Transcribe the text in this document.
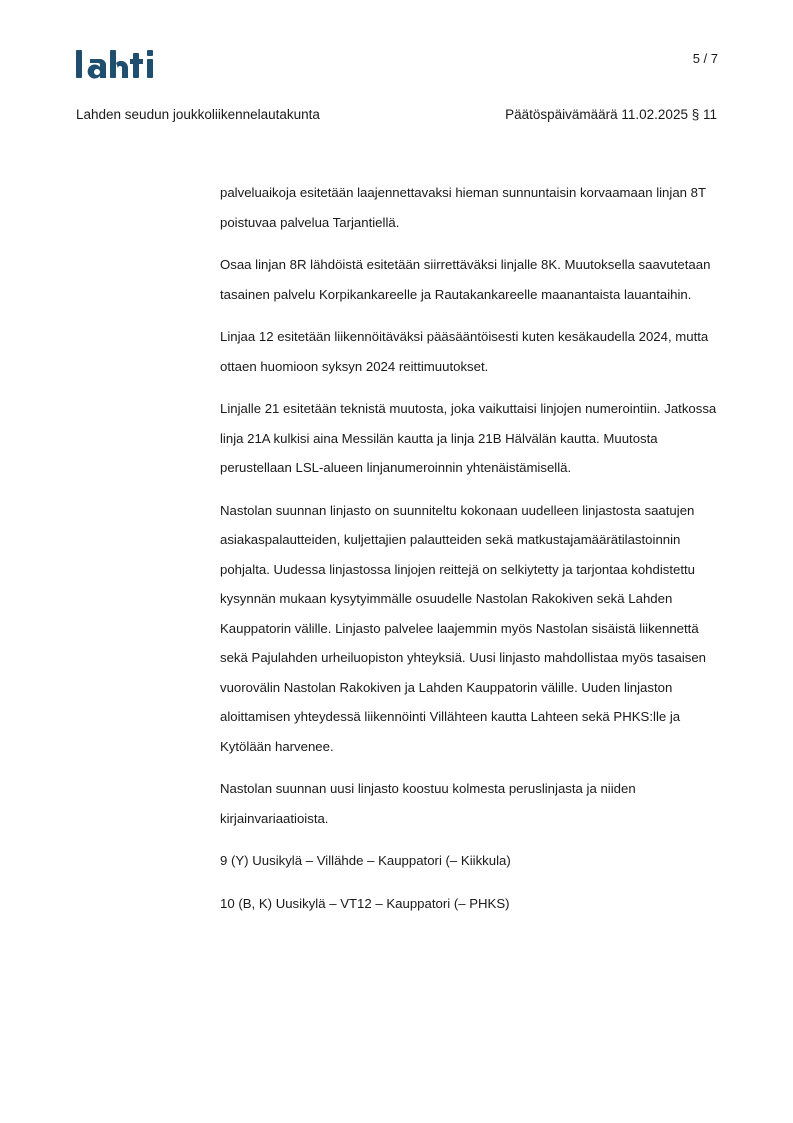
5 / 7
Lahden seudun joukkoliikennelautakunta	Päätöspäivämäärä 11.02.2025 § 11

palveluaikoja esitetään laajennettavaksi hieman sunnuntaisin korvaamaan linjan 8T poistuvaa palvelua Tarjantiellä.

Osaa linjan 8R lähdöistä esitetään siirrettäväksi linjalle 8K. Muutoksella saavutetaan tasainen palvelu Korpikankareelle ja Rautakankareelle maanantaista lauantaihin.

Linjaa 12 esitetään liikennöitäväksi pääsääntöisesti kuten kesäkaudella 2024, mutta ottaen huomioon syksyn 2024 reittimuutokset.

Linjalle 21 esitetään teknistä muutosta, joka vaikuttaisi linjojen numerointiin. Jatkossa linja 21A kulkisi aina Messilän kautta ja linja 21B Hälvälän kautta. Muutosta perustellaan LSL-alueen linjanumeroinnin yhtenäistämisellä.

Nastolan suunnan linjasto on suunniteltu kokonaan uudelleen linjastosta saatujen asiakaspalautteiden, kuljettajien palautteiden sekä matkustajamäärätilastoinnin pohjalta. Uudessa linjastossa linjojen reittejä on selkiytetty ja tarjontaa kohdistettu kysynnän mukaan kysytyimmälle osuudelle Nastolan Rakokiven sekä Lahden Kauppatorin välille. Linjasto palvelee laajemmin myös Nastolan sisäistä liikennettä sekä Pajulahden urheiluopiston yhteyksiä. Uusi linjasto mahdollistaa myös tasaisen vuorovälin Nastolan Rakokiven ja Lahden Kauppatorin välille. Uuden linjaston aloittamisen yhteydessä liikennöinti Villähteen kautta Lahteen sekä PHKS:lle ja Kytölään harvenee.

Nastolan suunnan uusi linjasto koostuu kolmesta peruslinjasta ja niiden kirjainvariaatioista.

9 (Y) Uusikylä – Villähde – Kauppatori (– Kiikkula)

10 (B, K) Uusikylä – VT12 – Kauppatori (– PHKS)
